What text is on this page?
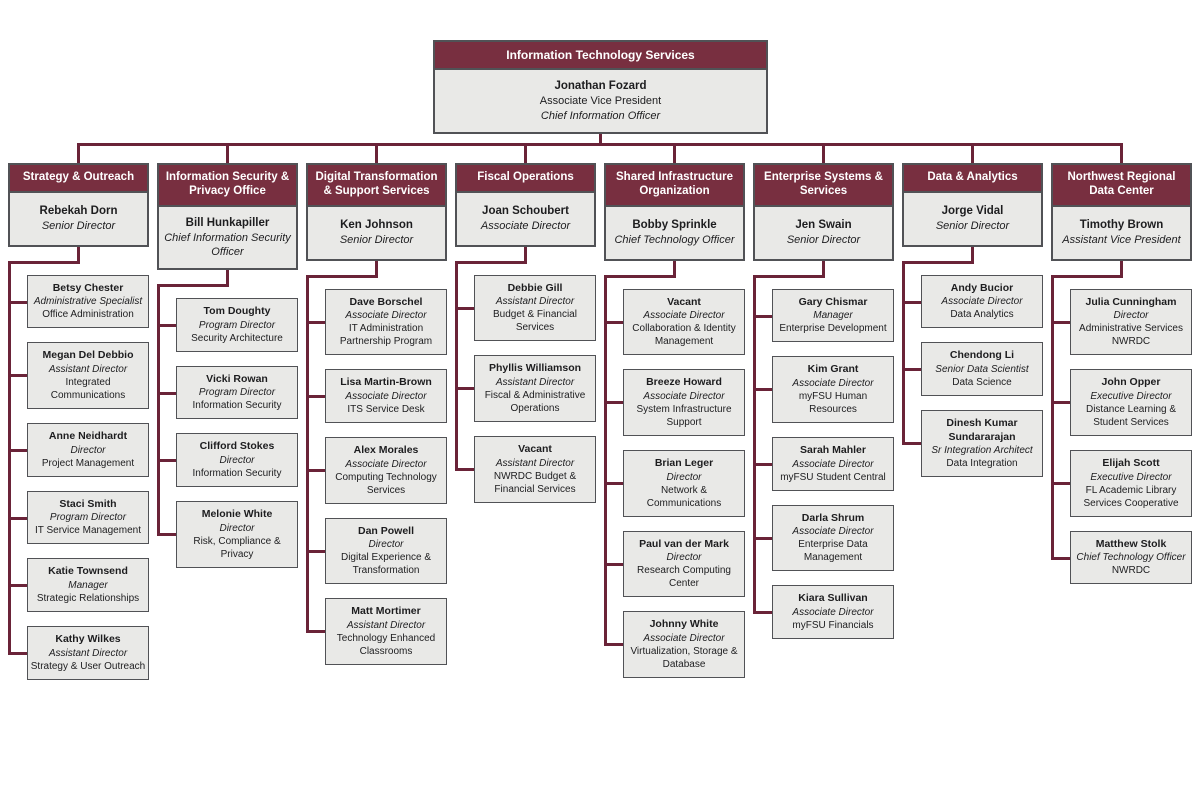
Information Technology Services
Jonathan Fozard
Associate Vice President
Chief Information Officer
Strategy & Outreach
Rebekah Dorn
Senior Director
Betsy Chester
Administrative Specialist
Office Administration
Megan Del Debbio
Assistant Director
Integrated Communications
Anne Neidhardt
Director
Project Management
Staci Smith
Program Director
IT Service Management
Katie Townsend
Manager
Strategic Relationships
Kathy Wilkes
Assistant Director
Strategy & User Outreach
Information Security & Privacy Office
Bill Hunkapiller
Chief Information Security Officer
Tom Doughty
Program Director
Security Architecture
Vicki Rowan
Program Director
Information Security
Clifford Stokes
Director
Information Security
Melonie White
Director
Risk, Compliance & Privacy
Digital Transformation & Support Services
Ken Johnson
Senior Director
Dave Borschel
Associate Director
IT Administration Partnership Program
Lisa Martin-Brown
Associate Director
ITS Service Desk
Alex Morales
Associate Director
Computing Technology Services
Dan Powell
Director
Digital Experience & Transformation
Matt Mortimer
Assistant Director
Technology Enhanced Classrooms
Fiscal Operations
Joan Schoubert
Associate Director
Debbie Gill
Assistant Director
Budget & Financial Services
Phyllis Williamson
Assistant Director
Fiscal & Administrative Operations
Vacant
Assistant Director
NWRDC Budget & Financial Services
Shared Infrastructure Organization
Bobby Sprinkle
Chief Technology Officer
Vacant
Associate Director
Collaboration & Identity Management
Breeze Howard
Associate Director
System Infrastructure Support
Brian Leger
Director
Network & Communications
Paul van der Mark
Director
Research Computing Center
Johnny White
Associate Director
Virtualization, Storage & Database
Enterprise Systems & Services
Jen Swain
Senior Director
Gary Chismar
Manager
Enterprise Development
Kim Grant
Associate Director
myFSU Human Resources
Sarah Mahler
Associate Director
myFSU Student Central
Darla Shrum
Associate Director
Enterprise Data Management
Kiara Sullivan
Associate Director
myFSU Financials
Data & Analytics
Jorge Vidal
Senior Director
Andy Bucior
Associate Director
Data Analytics
Chendong Li
Senior Data Scientist
Data Science
Dinesh Kumar Sundararajan
Sr Integration Architect
Data Integration
Northwest Regional Data Center
Timothy Brown
Assistant Vice President
Julia Cunningham
Director
Administrative Services NWRDC
John Opper
Executive Director
Distance Learning & Student Services
Elijah Scott
Executive Director
FL Academic Library Services Cooperative
Matthew Stolk
Chief Technology Officer
NWRDC
